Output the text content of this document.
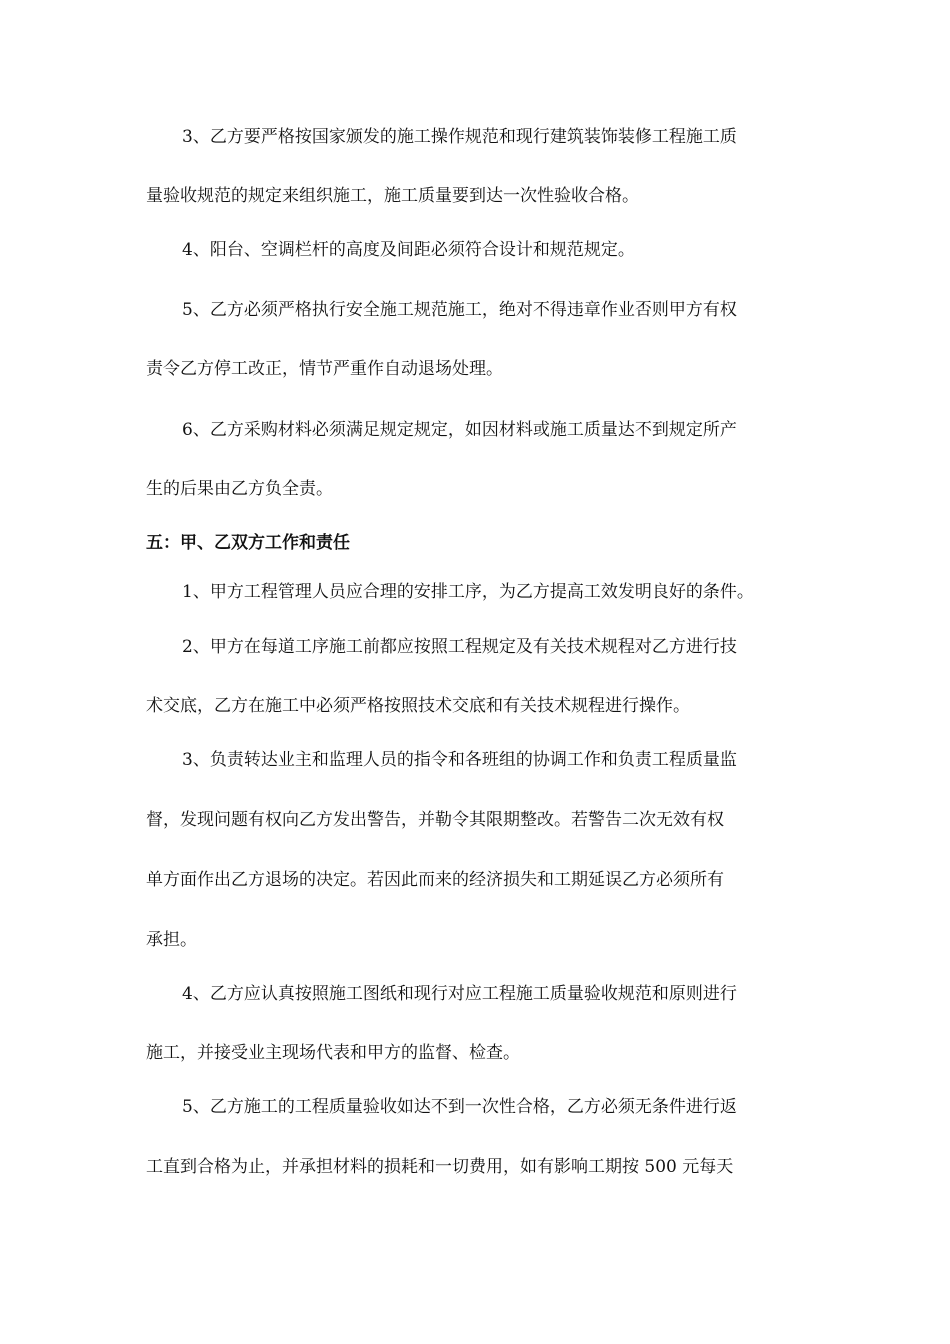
3、乙方要严格按国家颁发的施工操作规范和现行建筑装饰装修工程施工质
量验收规范的规定来组织施工，施工质量要到达一次性验收合格。
4、阳台、空调栏杆的高度及间距必须符合设计和规范规定。
5、乙方必须严格执行安全施工规范施工，绝对不得违章作业否则甲方有权
责令乙方停工改正，情节严重作自动退场处理。
6、乙方采购材料必须满足规定规定，如因材料或施工质量达不到规定所产
生的后果由乙方负全责。
五：甲、乙双方工作和责任
1、甲方工程管理人员应合理的安排工序，为乙方提高工效发明良好的条件。
2、甲方在每道工序施工前都应按照工程规定及有关技术规程对乙方进行技
术交底，乙方在施工中必须严格按照技术交底和有关技术规程进行操作。
3、负责转达业主和监理人员的指令和各班组的协调工作和负责工程质量监
督，发现问题有权向乙方发出警告，并勒令其限期整改。若警告二次无效有权
单方面作出乙方退场的决定。若因此而来的经济损失和工期延误乙方必须所有
承担。
4、乙方应认真按照施工图纸和现行对应工程施工质量验收规范和原则进行
施工，并接受业主现场代表和甲方的监督、检查。
5、乙方施工的工程质量验收如达不到一次性合格，乙方必须无条件进行返
工直到合格为止，并承担材料的损耗和一切费用，如有影响工期按 500 元每天
